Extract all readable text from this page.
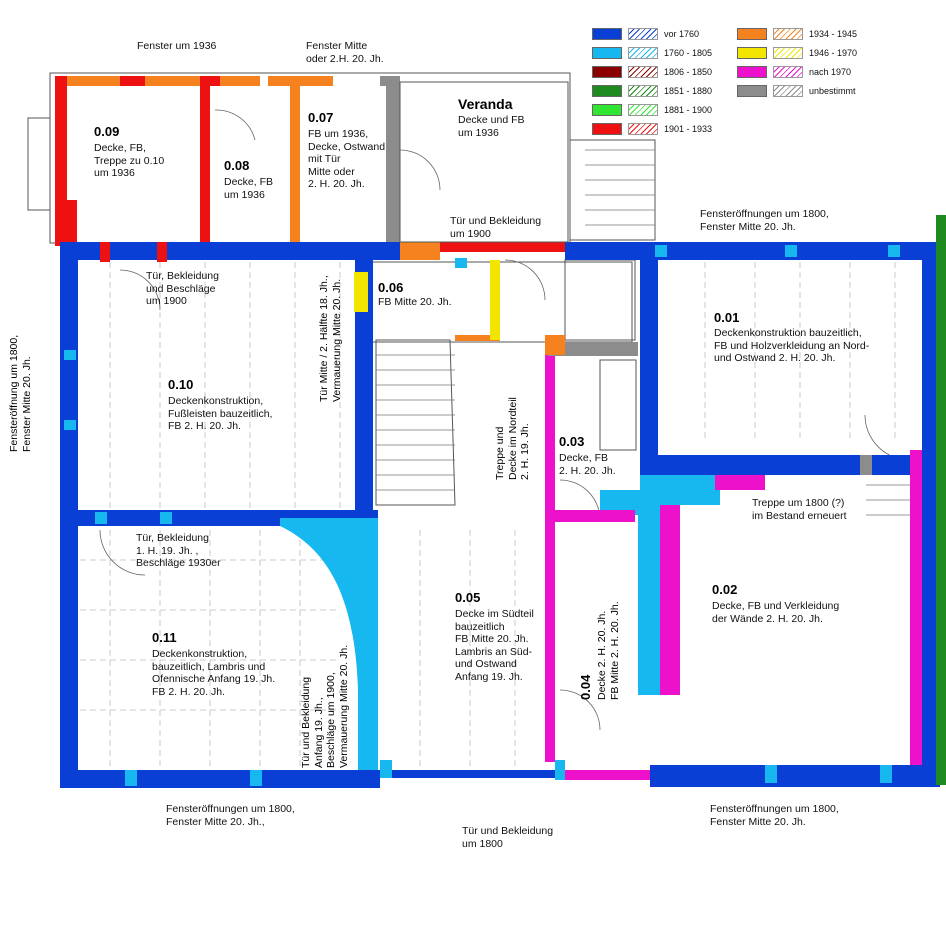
vor 1760
1760 - 1805
1806 - 1850
1851 - 1880
1881 - 1900
1901 - 1933
1934 - 1945
1946 - 1970
nach 1970
unbestimmt
0.09
Decke, FB,
Treppe zu 0.10
um 1936	0.08
Decke, FB
um 1936
0.07
FB um 1936,
Decke, Ostwand
mit Tür
Mitte oder
2. H. 20. Jh.
Veranda
Decke und FB
um 1936
0.06
FB Mitte 20. Jh.
0.10
Deckenkonstruktion,
Fußleisten bauzeitlich,
FB 2. H. 20. Jh.
0.01
Deckenkonstruktion bauzeitlich,
FB und Holzverkleidung an Nord-
und Ostwand 2. H. 20. Jh.
0.03
Decke, FB
2. H. 20. Jh.
0.02
Decke, FB und Verkleidung
der Wände 2. H. 20. Jh.
0.11
Deckenkonstruktion,
bauzeitlich, Lambris und
Ofennische Anfang 19. Jh.
FB 2. H. 20. Jh.
0.05
Decke im Südteil
bauzeitlich
FB Mitte 20. Jh.
Lambris an Süd-
und Ostwand
Anfang 19. Jh.	0.04 Decke 2. H. 20. Jh.
FB Mitte 2. H. 20. Jh.
Fenster um 1936	Fenster Mitte
oder 2.H. 20. Jh.
Tür und Bekleidung
um 1900
Fensteröffnungen um 1800,
Fenster Mitte 20. Jh.
Tür, Bekleidung
und Beschläge
um 1900
Tür Mitte / 2. Hälfte 18. Jh.,
Vermauerung Mitte 20. Jh.
Treppe und
Decke im Nordteil
2. H. 19. Jh.
Fensteröffnung um 1800,
Fenster Mitte 20. Jh.
Treppe um 1800 (?)
im Bestand erneuert
Tür, Bekleidung
1. H. 19. Jh. ,
Beschläge 1930er
Tür und Bekleidung
Anfang 19. Jh.,
Beschläge um 1900,
Vermauerung Mitte 20. Jh.
Fensteröffnungen um 1800,
Fenster Mitte 20. Jh.,
Tür und Bekleidung
um 1800
Fensteröffnungen um 1800,
Fenster Mitte 20. Jh.
